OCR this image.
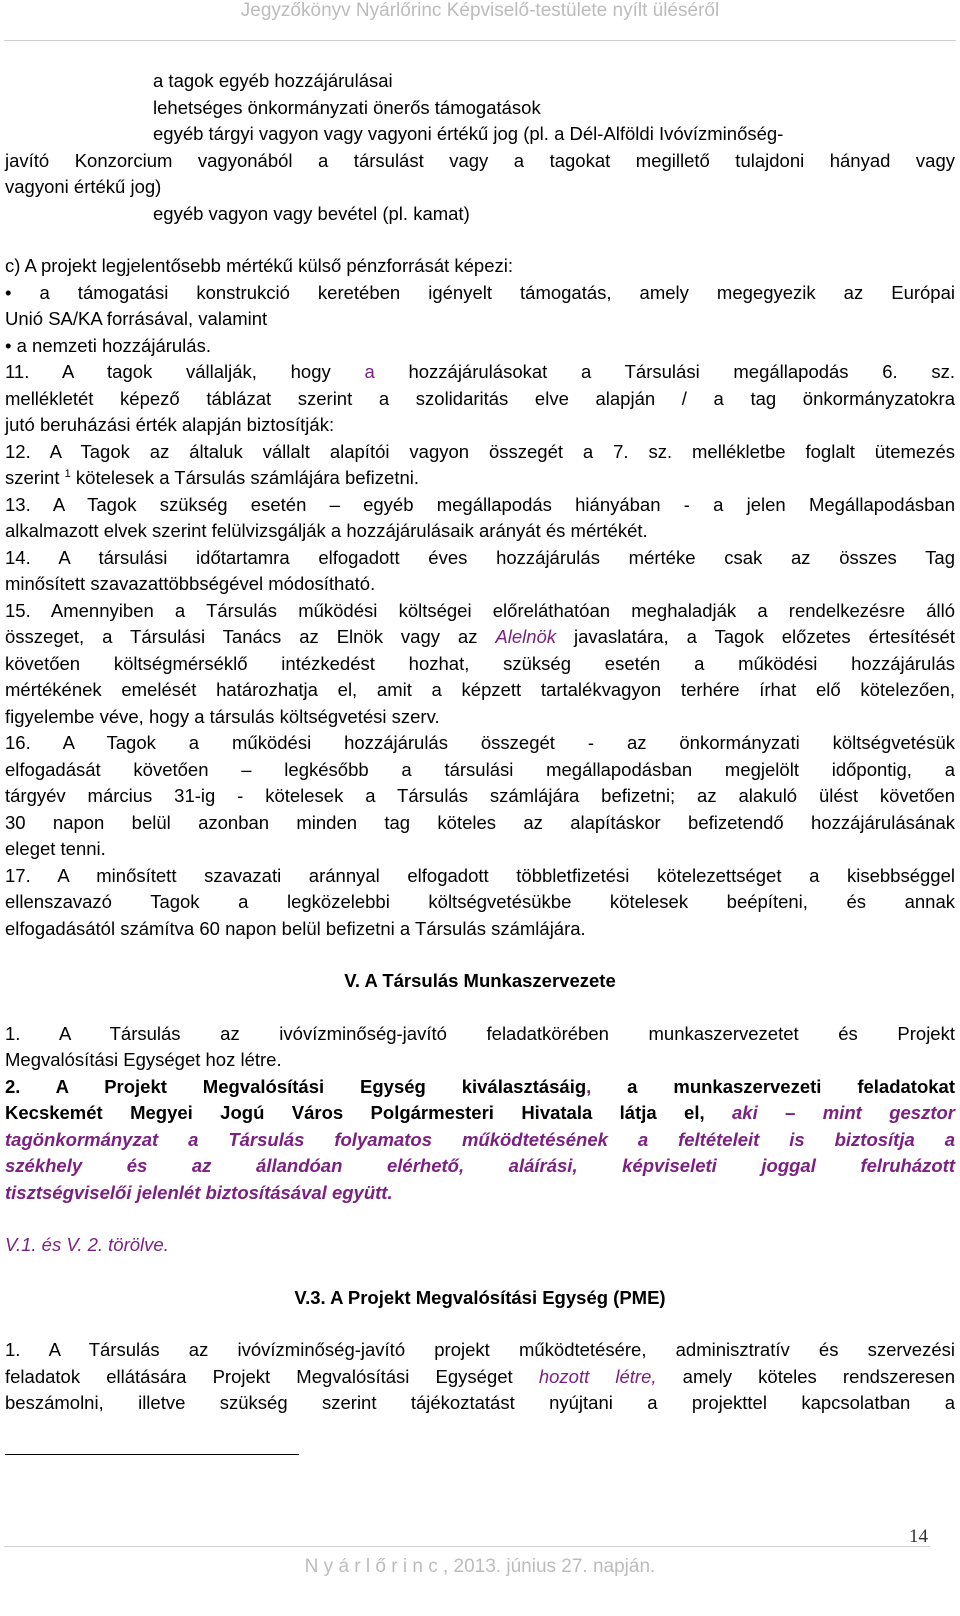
Jegyzőkönyv Nyárlőrinc Képviselő-testülete nyílt üléséről

a tagok egyéb hozzájárulásai

lehetséges önkormányzati önerős támogatások

egyéb tárgyi vagyon vagy vagyoni értékű jog (pl. a Dél-Alföldi Ivóvízminőség-

javító Konzorcium vagyonából a társulást vagy a tagokat megillető tulajdoni hányad vagy

vagyoni értékű jog)

egyéb vagyon vagy bevétel (pl. kamat)

c) A projekt legjelentősebb mértékű külső pénzforrását képezi:

• a támogatási konstrukció keretében igényelt támogatás, amely megegyezik az Európai

Unió SA/KA forrásával, valamint

• a nemzeti hozzájárulás.

11. A tagok vállalják, hogy a hozzájárulásokat a Társulási megállapodás 6. sz.

mellékletét képező táblázat szerint a szolidaritás elve alapján / a tag önkormányzatokra

jutó beruházási érték alapján biztosítják:

12. A Tagok az általuk vállalt alapítói vagyon összegét a 7. sz. mellékletbe foglalt ütemezés

szerint $^1$ kötelesek a Társulás számlájára befizetni.

13. A Tagok szükség esetén – egyéb megállapodás hiányában - a jelen Megállapodásban

alkalmazott elvek szerint felülvizsgálják a hozzájárulásaik arányát és mértékét.

14. A társulási időtartamra elfogadott éves hozzájárulás mértéke csak az összes Tag

minősített szavazattöbbségével módosítható.

15. Amennyiben a Társulás működési költségei előreláthatóan meghaladják a rendelkezésre álló

összeget, a Társulási Tanács az Elnök vagy az Alelnök javaslatára, a Tagok előzetes értesítését

követően költségmérséklő intézkedést hozhat, szükség esetén a működési hozzájárulás

mértékének emelését határozhatja el, amit a képzett tartalékvagyon terhére írhat elő kötelezően,

figyelembe véve, hogy a társulás költségvetési szerv.

16. A Tagok a működési hozzájárulás összegét - az önkormányzati költségvetésük

elfogadását követően – legkésőbb a társulási megállapodásban megjelölt időpontig, a

tárgyév március 31-ig - kötelesek a Társulás számlájára befizetni; az alakuló ülést követően

30 napon belül azonban minden tag köteles az alapításkor befizetendő hozzájárulásának

eleget tenni.

17. A minősített szavazati aránnyal elfogadott többletfizetési kötelezettséget a kisebbséggel

ellenszavazó Tagok a legközelebbi költségvetésükbe kötelesek beépíteni, és annak

elfogadásától számítva 60 napon belül befizetni a Társulás számlájára.

V. A Társulás Munkaszervezete

1. A Társulás az ivóvízminőség-javító feladatkörében munkaszervezetet és Projekt

Megvalósítási Egységet hoz létre.

2. A Projekt Megvalósítási Egység kiválasztásáig, a munkaszervezeti feladatokat

Kecskemét Megyei Jogú Város Polgármesteri Hivatala látja el, aki – mint gesztor

tagönkormányzat a Társulás folyamatos működtetésének a feltételeit is biztosítja a

székhely és az állandóan elérhető, aláírási, képviseleti joggal felruházott

tisztségviselői jelenlét biztosításával együtt.

V.1. és V. 2. törölve.

V.3. A Projekt Megvalósítási Egység (PME)

1. A Társulás az ivóvízminőség-javító projekt működtetésére, adminisztratív és szervezési

feladatok ellátására Projekt Megvalósítási Egységet hozott létre, amely köteles rendszeresen

beszámolni, illetve szükség szerint tájékoztatást nyújtani a projekttel kapcsolatban a

14
N y á r l ő r i n c , 2013. június 27. napján.
